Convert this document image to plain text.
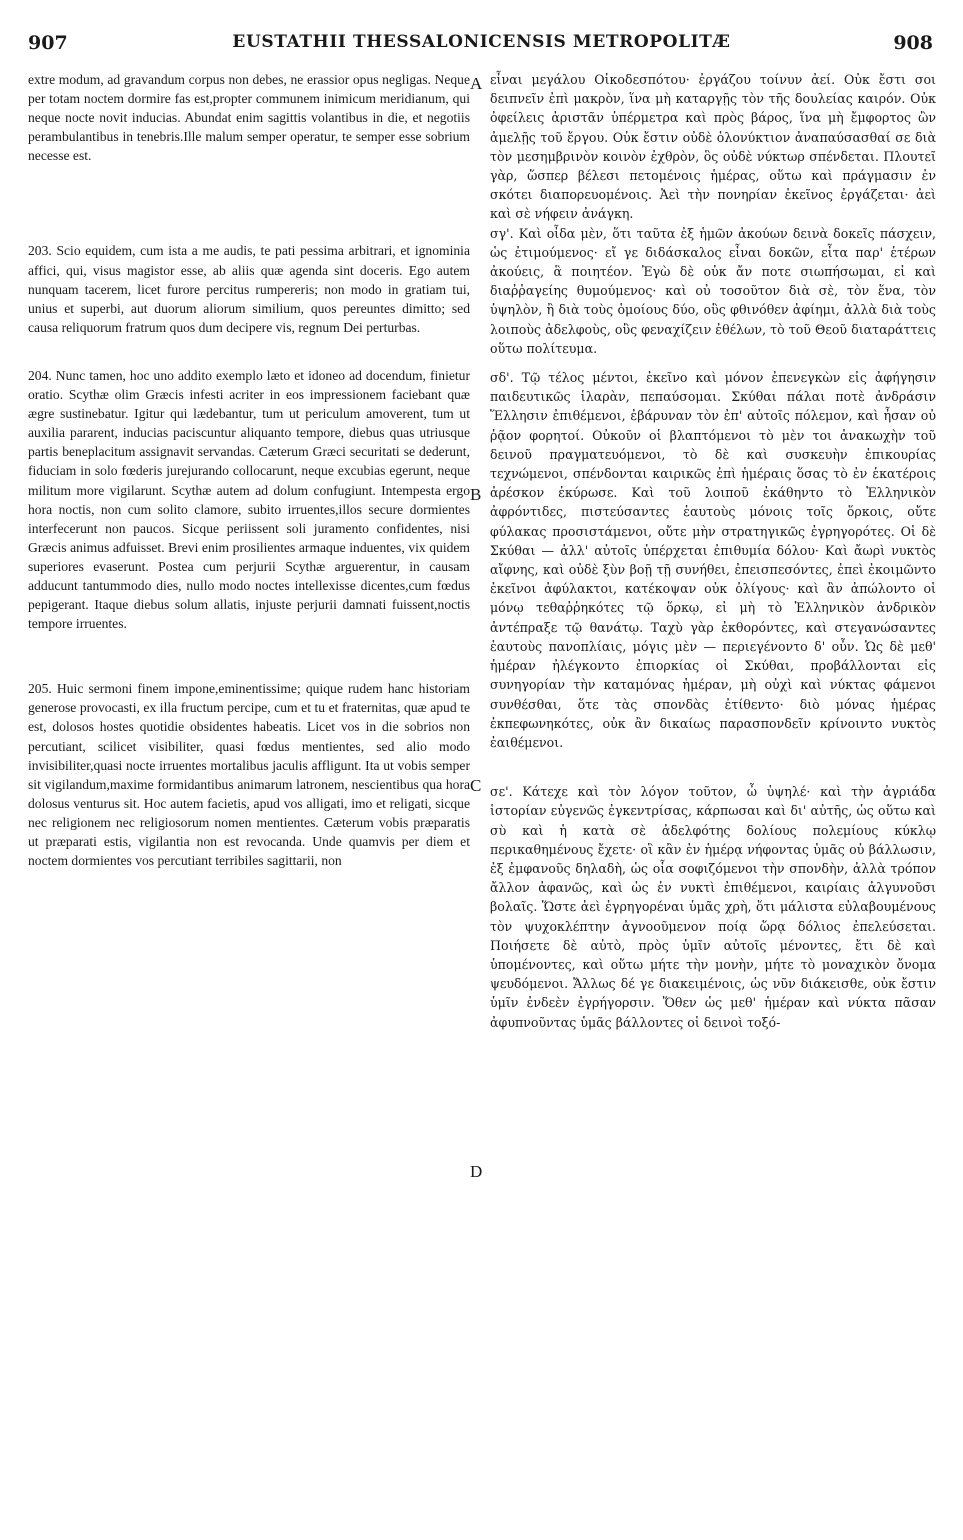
907	EUSTATHII THESSALONICENSIS METROPOLITÆ	908

extre modum, ad gravandum corpus non debes, ne erassior opus negligas. Neque per totam noctem dormire fas est,propter communem inimicum meridianum, qui neque nocte novit inducias. Abundat enim sagittis volantibus in die, et negotiis perambulantibus in tenebris.Ille malum semper operatur, te semper esse sobrium necesse est.

203. Scio equidem, cum ista a me audis, te pati pessima arbitrari, et ignominia affici, qui, visus magistor esse, ab aliis quæ agenda sint doceris. Ego autem nunquam tacerem, licet furore percitus rumpereris; non modo in gratiam tui, unius et superbi, aut duorum aliorum similium, quos pereuntes dimitto; sed causa reliquorum fratrum quos dum decipere vis, regnum Dei perturbas.

204. Nunc tamen, hoc uno addito exemplo læto et idoneo ad docendum, finietur oratio. Scythæ olim Græcis infesti acriter in eos impressionem faciebant quæ ægre sustinebatur. Igitur qui lædebantur, tum ut periculum amoverent, tum ut auxilia pararent, inducias paciscuntur aliquanto tempore, diebus quas utriusque partis beneplacitum assignavit servandas. Cæterum Græci securitati se dederunt, fiduciam in solo fœderis jurejurando collocarunt, neque excubias egerunt, neque militum more vigilarunt. Scythæ autem ad dolum confugiunt. Intempesta ergo hora noctis, non cum solito clamore, subito irruentes,illos secure dormientes interfecerunt non paucos. Sicque periissent soli juramento confidentes, nisi Græcis animus adfuisset. Brevi enim prosilientes armaque induentes, vix quidem superiores evaserunt. Postea cum perjurii Scythæ arguerentur, in causam adducunt tantummodo dies, nullo modo noctes intellexisse dicentes,cum fœdus pepigerant. Itaque diebus solum allatis, injuste perjurii damnati fuissent,noctis tempore irruentes.

205. Huic sermoni finem impone,eminentissime; quique rudem hanc historiam generose provocasti, ex illa fructum percipe, cum et tu et fraternitas, quæ apud te est, dolosos hostes quotidie obsidentes habeatis. Licet vos in die sobrios non percutiant, scilicet visibiliter, quasi fœdus mentientes, sed alio modo invisibiliter,quasi nocte irruentes mortalibus jaculis affligunt. Ita ut vobis semper sit vigilandum,maxime formidantibus animarum latronem, nescientibus qua hora dolosus venturus sit. Hoc autem facietis, apud vos alligati, imo et religati, sicque nec religionem nec religiosorum nomen mentientes. Cæterum vobis præparatis ut præparati estis, vigilantia non est revocanda. Unde quamvis per diem et noctem dormientes vos percutiant terribiles sagittarii, non

A
B
C
D

εἶναι μεγάλου Οἰκοδεσπότου· ἐργάζου τοίνυν ἀεί. Οὐκ ἔστι σοι δειπνεῖν ἐπὶ μακρὸν, ἵνα μὴ καταργῇς τὸν τῆς δουλείας καιρόν. Οὐκ ὀφείλεις ἀριστᾶν ὑπέρμετρα καὶ πρὸς βάρος, ἵνα μὴ ἔμφορτος ὢν ἀμελῇς τοῦ ἔργου. Οὐκ ἔστιν οὐδὲ ὁλονύκτιον ἀναπαύσασθαί σε διὰ τὸν μεσημβρινὸν κοινὸν ἐχθρὸν, ὃς οὐδὲ νύκτωρ σπένδεται. Πλουτεῖ γὰρ, ὥσπερ βέλεσι πετομένοις ἡμέρας, οὕτω καὶ πράγμασιν ἐν σκότει διαπορευομένοις. Ἀεὶ τὴν πονηρίαν ἐκεῖνος ἐργάζεται· ἀεὶ καὶ σὲ νήφειν ἀνάγκη.

σγ'. Καὶ οἶδα μὲν, ὅτι ταῦτα ἐξ ἡμῶν ἀκούων δεινὰ δοκεῖς πάσχειν, ὡς ἐτιμούμενος· εἴ γε διδάσκαλος εἶναι δοκῶν, εἶτα παρ' ἑτέρων ἀκούεις, ἃ ποιητέον. Ἐγὼ δὲ οὐκ ἄν ποτε σιωπήσωμαι, εἰ καὶ διαῤῥαγείης θυμούμενος· καὶ οὐ τοσοῦτον διὰ σὲ, τὸν ἕνα, τὸν ὑψηλὸν, ἢ διὰ τοὺς ὁμοίους δύο, οὓς φθινόθεν ἀφίημι, ἀλλὰ διὰ τοὺς λοιποὺς ἀδελφοὺς, οὓς φεναχίζειν ἐθέλων, τὸ τοῦ Θεοῦ διαταράττεις οὕτω πολίτευμα.

σδ'. Τῷ τέλος μέντοι, ἐκεῖνο καὶ μόνον ἐπενεγκὼν εἰς ἀφήγησιν παιδευτικῶς ἱλαρὰν, πεπαύσομαι. Σκύθαι πάλαι ποτὲ ἀνδράσιν Ἕλλησιν ἐπιθέμενοι, ἐβάρυναν τὸν ἐπ' αὐτοῖς πόλεμον, καὶ ἦσαν οὐ ῥᾷον φορητοί. Οὐκοῦν οἱ βλαπτόμενοι τὸ μὲν τοι ἀνακωχὴν τοῦ δεινοῦ πραγματευόμενοι, τὸ δὲ καὶ συσκευὴν ἐπικουρίας τεχνώμενοι, σπένδονται καιρικῶς ἐπὶ ἡμέραις ὅσας τὸ ἐν ἑκατέροις ἀρέσκον ἐκύρωσε. Καὶ τοῦ λοιποῦ ἐκάθηντο τὸ Ἑλληνικὸν ἀφρόντιδες, πιστεύσαντες ἑαυτοὺς μόνοις τοῖς ὅρκοις, οὔτε φύλακας προσιστάμενοι, οὔτε μὴν στρατηγικῶς ἐγρηγορότες. Οἱ δὲ Σκύθαι — ἀλλ' αὐτοῖς ὑπέρχεται ἐπιθυμία δόλου· Καὶ ἄωρὶ νυκτὸς αἴφνης, καὶ οὐδὲ ξὺν βοῇ τῇ συνήθει, ἐπεισπεσόντες, ἐπεὶ ἐκοιμῶντο ἐκεῖνοι ἀφύλακτοι, κατέκοψαν οὐκ ὀλίγους· καὶ ἂν ἀπώλοντο οἱ μόνῳ τεθαῤῥηκότες τῷ ὅρκῳ, εἰ μὴ τὸ Ἑλληνικὸν ἀνδρικὸν ἀντέπραξε τῷ θανάτῳ. Ταχὺ γὰρ ἐκθορόντες, καὶ στεγανώσαντες ἑαυτοὺς πανοπλίαις, μόγις μὲν — περιεγένοντο δ' οὖν. Ὡς δὲ μεθ' ἡμέραν ἠλέγκοντο ἐπιορκίας οἱ Σκύθαι, προβάλλονται εἰς συνηγορίαν τὴν καταμόνας ἡμέραν, μὴ οὐχὶ καὶ νύκτας φάμενοι συνθέσθαι, ὅτε τὰς σπονδὰς ἐτίθεντο· διὸ μόνας ἡμέρας ἐκπεφωνηκότες, οὐκ ἂν δικαίως παρασπονδεῖν κρίνοιντο νυκτὸς ἐαιθέμενοι.

σε'. Κάτεχε καὶ τὸν λόγον τοῦτον, ὦ ὑψηλέ· καὶ τὴν ἀγριάδα ἱστορίαν εὐγενῶς ἐγκεντρίσας, κάρπωσαι καὶ δι' αὐτῆς, ὡς οὕτω καὶ σὺ καὶ ἡ κατὰ σὲ ἀδελφότης δολίους πολεμίους κύκλῳ περικαθημένους ἔχετε· οἳ κἂν ἐν ἡμέρᾳ νήφοντας ὑμᾶς οὐ βάλλωσιν, ἐξ ἐμφανοῦς δηλαδὴ, ὡς οἷα σοφιζόμενοι τὴν σπονδὴν, ἀλλὰ τρόπον ἄλλον ἀφανῶς, καὶ ὡς ἐν νυκτὶ ἐπιθέμενοι, καιρίαις ἀλγυνοῦσι βολαῖς. Ὥστε ἀεὶ ἐγρηγορέναι ὑμᾶς χρὴ, ὅτι μάλιστα εὐλαβουμένους τὸν ψυχοκλέπτην ἀγνοοῦμενον ποίᾳ ὥρᾳ δόλιος ἐπελεύσεται. Ποιήσετε δὲ αὐτὸ, πρὸς ὑμῖν αὐτοῖς μένοντες, ἔτι δὲ καὶ ὑπομένοντες, καὶ οὕτω μήτε τὴν μονὴν, μήτε τὸ μοναχικὸν ὄνομα ψευδόμενοι. Ἄλλως δέ γε διακειμένοις, ὡς νῦν διάκεισθε, οὐκ ἔστιν ὑμῖν ἐνδεὲν ἐγρήγορσιν. Ὅθεν ὡς μεθ' ἡμέραν καὶ νύκτα πᾶσαν ἀφυπνοῦντας ὑμᾶς βάλλοντες οἱ δεινοὶ τοξό-
